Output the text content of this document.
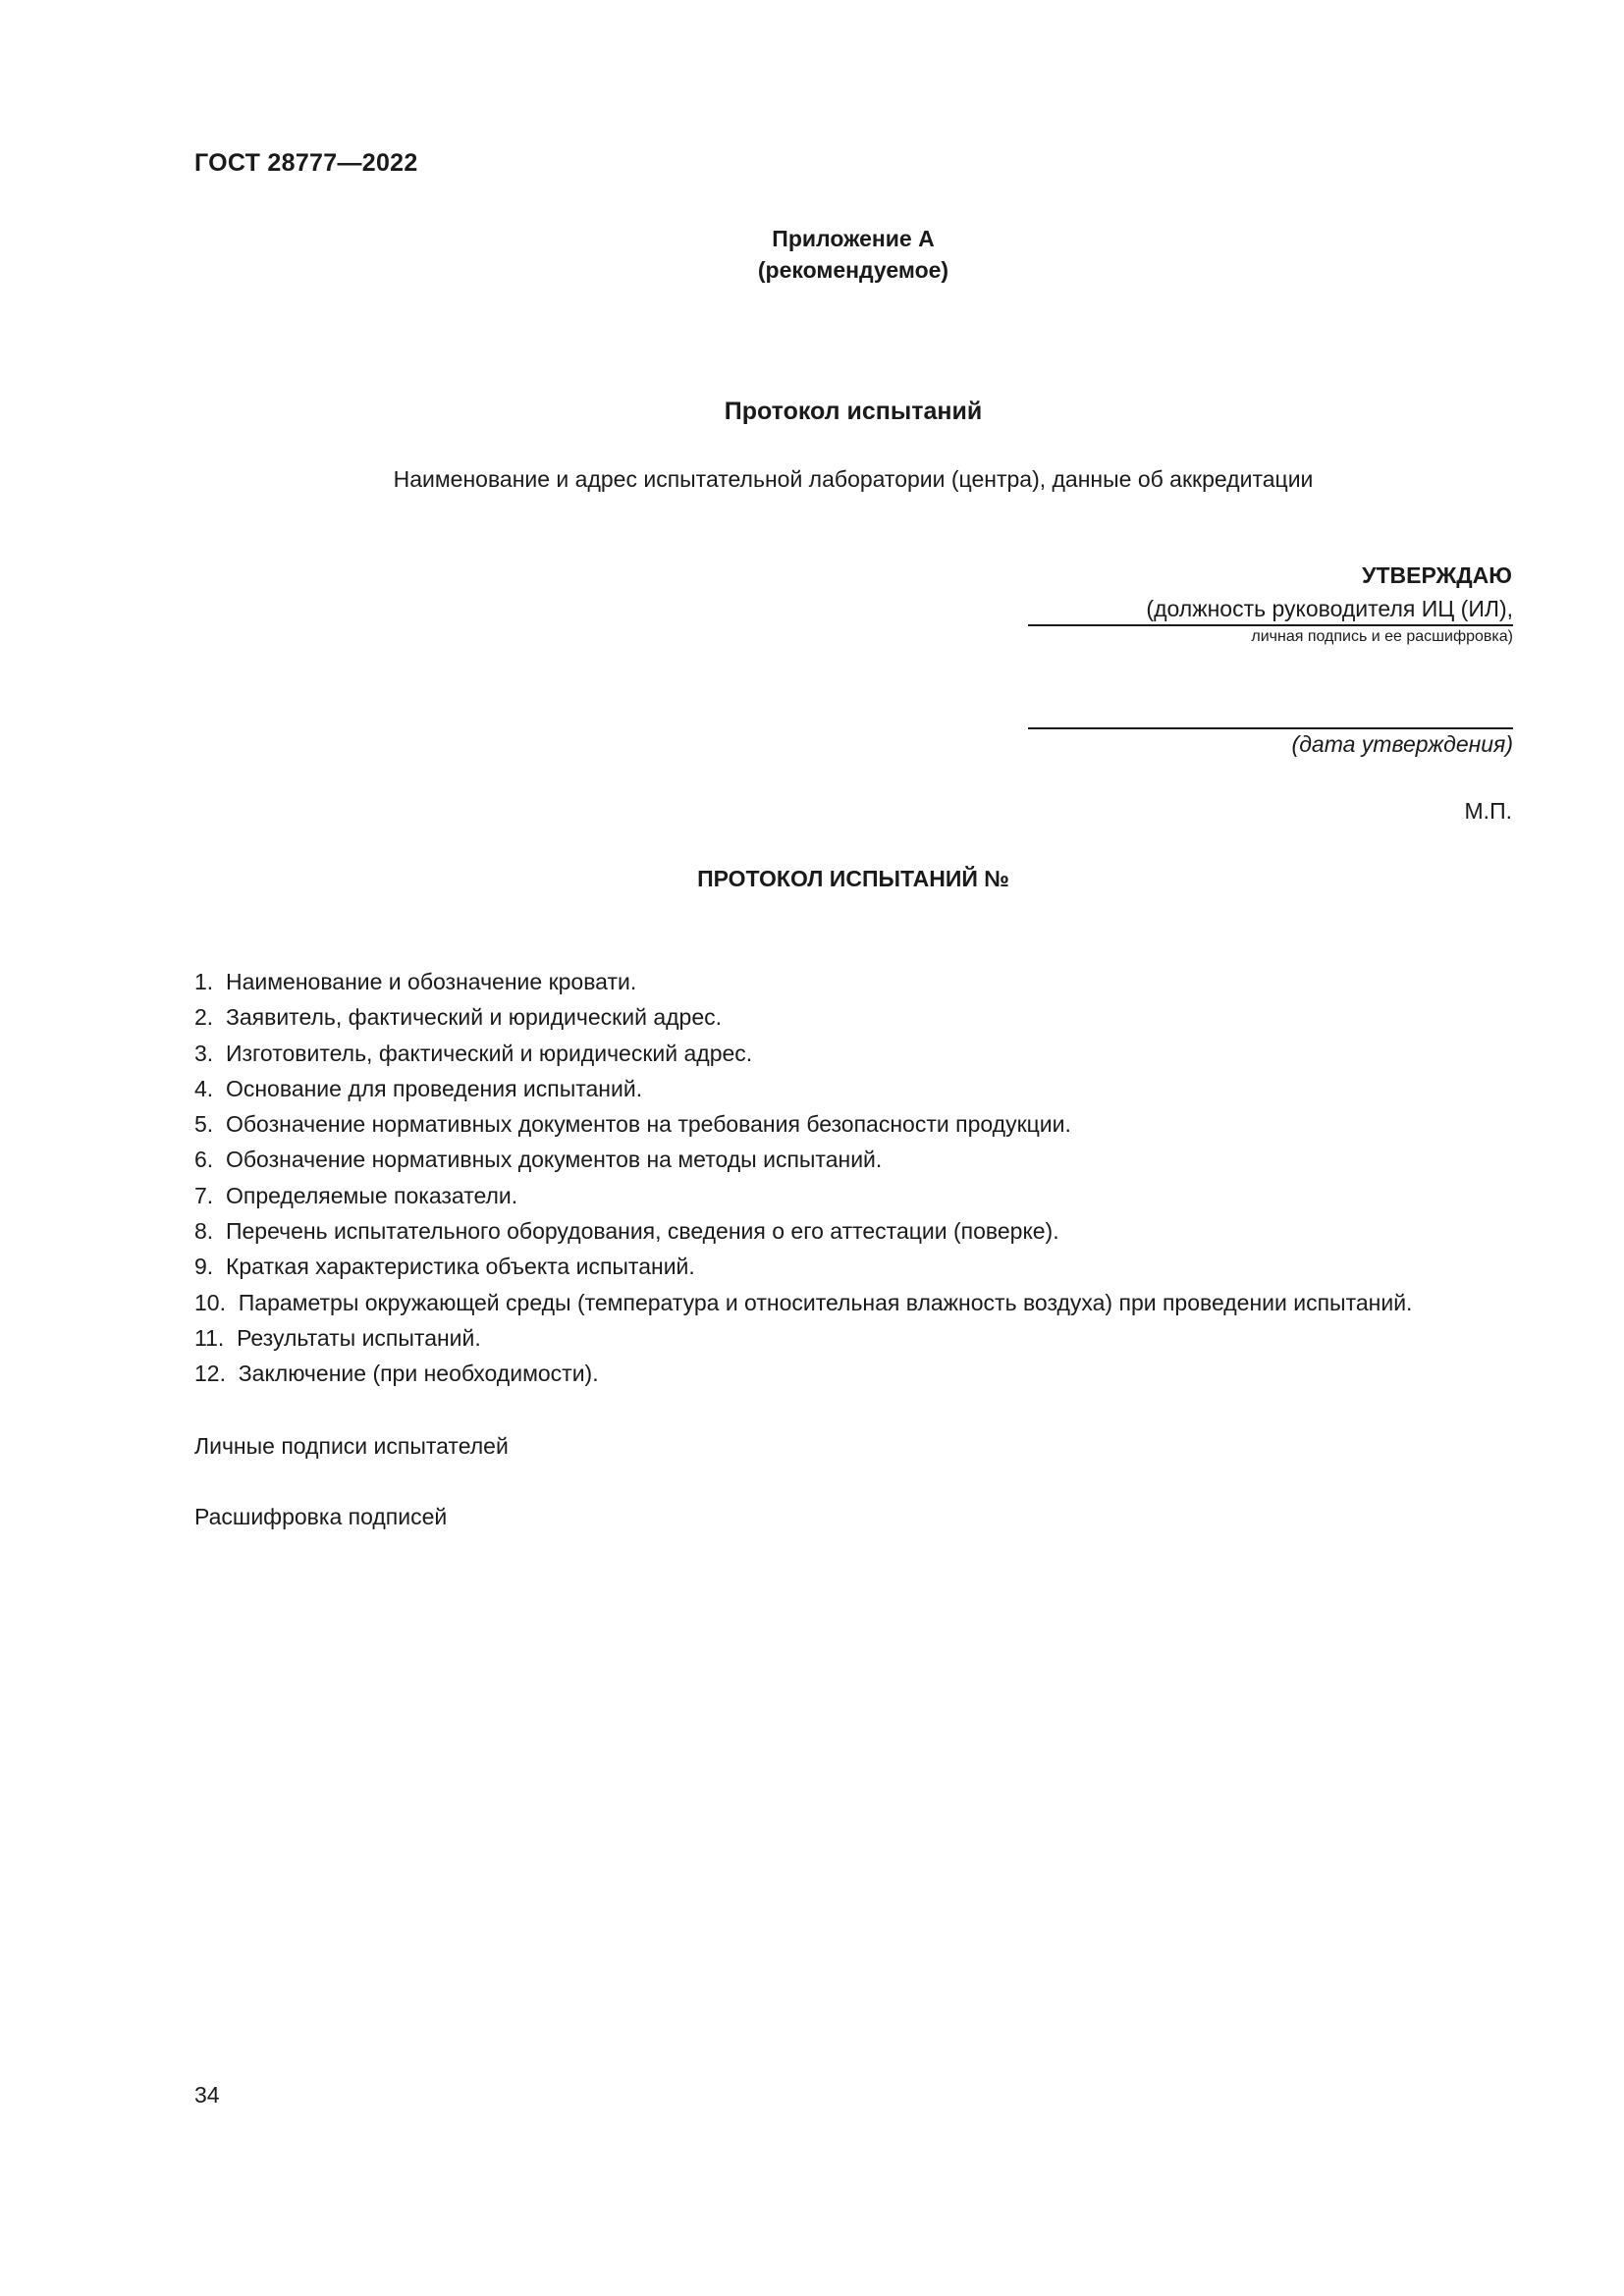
ГОСТ 28777—2022

Приложение А

(рекомендуемое)

Протокол испытаний

Наименование и адрес испытательной лаборатории (центра), данные об аккредитации

УТВЕРЖДАЮ

(должность руководителя ИЦ (ИЛ),
личная подпись и ее расшифровка)
(дата утверждения)

М.П.

ПРОТОКОЛ ИСПЫТАНИЙ №

1. Наименование и обозначение кровати.
2. Заявитель, фактический и юридический адрес.
3. Изготовитель, фактический и юридический адрес.
4. Основание для проведения испытаний.
5. Обозначение нормативных документов на требования безопасности продукции.
6. Обозначение нормативных документов на методы испытаний.
7. Определяемые показатели.
8. Перечень испытательного оборудования, сведения о его аттестации (поверке).
9. Краткая характеристика объекта испытаний.
10. Параметры окружающей среды (температура и относительная влажность воздуха) при проведении испытаний.
11. Результаты испытаний.
12. Заключение (при необходимости).

Личные подписи испытателей

Расшифровка подписей

34
